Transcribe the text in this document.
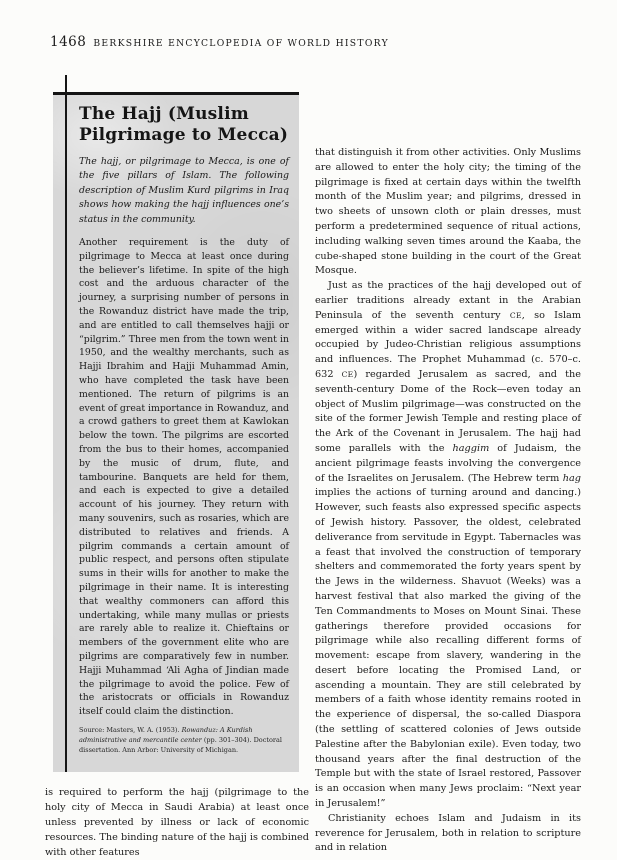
1468 BERKSHIRE ENCYCLOPEDIA OF WORLD HISTORY
The Hajj (Muslim Pilgrimage to Mecca)

The hajj, or pilgrimage to Mecca, is one of the five pillars of Islam. The following description of Muslim Kurd pilgrims in Iraq shows how making the hajj influences one’s status in the community.

Another requirement is the duty of pilgrimage to Mecca at least once during the believer’s lifetime. In spite of the high cost and the arduous character of the journey, a surprising number of persons in the Rowanduz district have made the trip, and are entitled to call themselves hajji or “pilgrim.” Three men from the town went in 1950, and the wealthy merchants, such as Hajji Ibrahim and Hajji Muhammad Amin, who have completed the task have been mentioned. The return of pilgrims is an event of great importance in Rowanduz, and a crowd gathers to greet them at Kawlokan below the town. The pilgrims are escorted from the bus to their homes, accompanied by the music of drum, flute, and tambourine. Banquets are held for them, and each is expected to give a detailed account of his journey. They return with many souvenirs, such as rosaries, which are distributed to relatives and friends. A pilgrim commands a certain amount of public respect, and persons often stipulate sums in their wills for another to make the pilgrimage in their name. It is interesting that wealthy commoners can afford this undertaking, while many mullas or priests are rarely able to realize it. Chieftains or members of the government elite who are pilgrims are comparatively few in number. Hajji Muhammad ‘Ali Agha of Jindian made the pilgrimage to avoid the police. Few of the aristocrats or officials in Rowanduz itself could claim the distinction.

Source: Masters, W. A. (1953). Rowanduz: A Kurdish administrative and mercantile center (pp. 301–304). Doctoral dissertation. Ann Arbor: University of Michigan.

is required to perform the hajj (pilgrimage to the holy city of Mecca in Saudi Arabia) at least once unless prevented by illness or lack of economic resources. The binding nature of the hajj is combined with other features

that distinguish it from other activities. Only Muslims are allowed to enter the holy city; the timing of the pilgrimage is fixed at certain days within the twelfth month of the Muslim year; and pilgrims, dressed in two sheets of unsown cloth or plain dresses, must perform a predetermined sequence of ritual actions, including walking seven times around the Kaaba, the cube-shaped stone building in the court of the Great Mosque.

Just as the practices of the hajj developed out of earlier traditions already extant in the Arabian Peninsula of the seventh century CE, so Islam emerged within a wider sacred landscape already occupied by Judeo-Christian religious assumptions and influences. The Prophet Muhammad (c. 570–c. 632 CE) regarded Jerusalem as sacred, and the seventh-century Dome of the Rock—even today an object of Muslim pilgrimage—was constructed on the site of the former Jewish Temple and resting place of the Ark of the Covenant in Jerusalem. The hajj had some parallels with the haggim of Judaism, the ancient pilgrimage feasts involving the convergence of the Israelites on Jerusalem. (The Hebrew term hag implies the actions of turning around and dancing.) However, such feasts also expressed specific aspects of Jewish history. Passover, the oldest, celebrated deliverance from servitude in Egypt. Tabernacles was a feast that involved the construction of temporary shelters and commemorated the forty years spent by the Jews in the wilderness. Shavuot (Weeks) was a harvest festival that also marked the giving of the Ten Commandments to Moses on Mount Sinai. These gatherings therefore provided occasions for pilgrimage while also recalling different forms of movement: escape from slavery, wandering in the desert before locating the Promised Land, or ascending a mountain. They are still celebrated by members of a faith whose identity remains rooted in the experience of dispersal, the so-called Diaspora (the settling of scattered colonies of Jews outside Palestine after the Babylonian exile). Even today, two thousand years after the final destruction of the Temple but with the state of Israel restored, Passover is an occasion when many Jews proclaim: “Next year in Jerusalem!”

Christianity echoes Islam and Judaism in its reverence for Jerusalem, both in relation to scripture and in relation
